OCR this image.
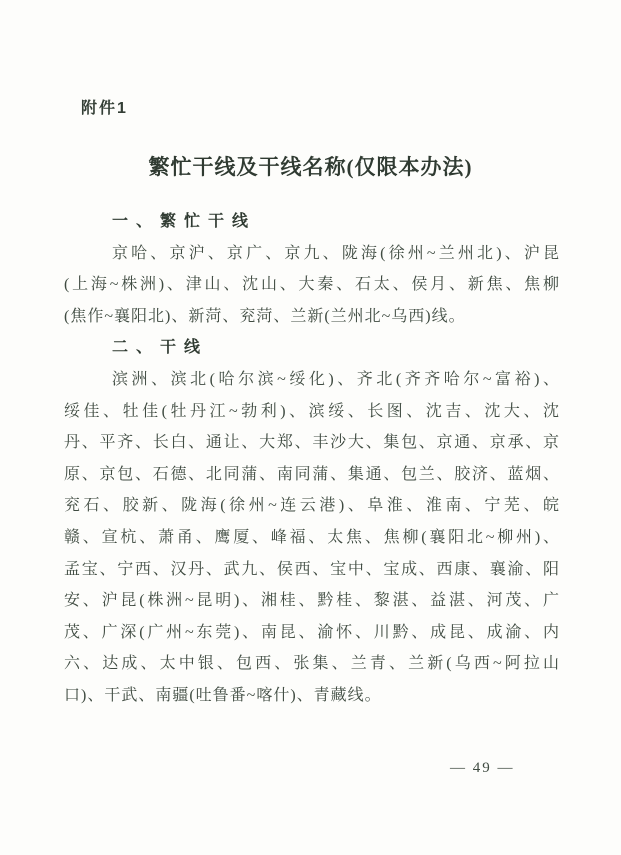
附件1
繁忙干线及干线名称(仅限本办法)
一、繁忙干线
京哈、京沪、京广、京九、陇海(徐州~兰州北)、沪昆
(上海~株洲)、津山、沈山、大秦、石太、侯月、新焦、焦柳
(焦作~襄阳北)、新菏、兖菏、兰新(兰州北~乌西)线。
二、干线
滨洲、滨北(哈尔滨~绥化)、齐北(齐齐哈尔~富裕)、
绥佳、牡佳(牡丹江~勃利)、滨绥、长图、沈吉、沈大、沈
丹、平齐、长白、通让、大郑、丰沙大、集包、京通、京承、京
原、京包、石德、北同蒲、南同蒲、集通、包兰、胶济、蓝烟、
兖石、胶新、陇海(徐州~连云港)、阜淮、淮南、宁芜、皖
赣、宣杭、萧甬、鹰厦、峰福、太焦、焦柳(襄阳北~柳州)、
孟宝、宁西、汉丹、武九、侯西、宝中、宝成、西康、襄渝、阳
安、沪昆(株洲~昆明)、湘桂、黔桂、黎湛、益湛、河茂、广
茂、广深(广州~东莞)、南昆、渝怀、川黔、成昆、成渝、内
六、达成、太中银、包西、张集、兰青、兰新(乌西~阿拉山
口)、干武、南疆(吐鲁番~喀什)、青藏线。
— 49 —
